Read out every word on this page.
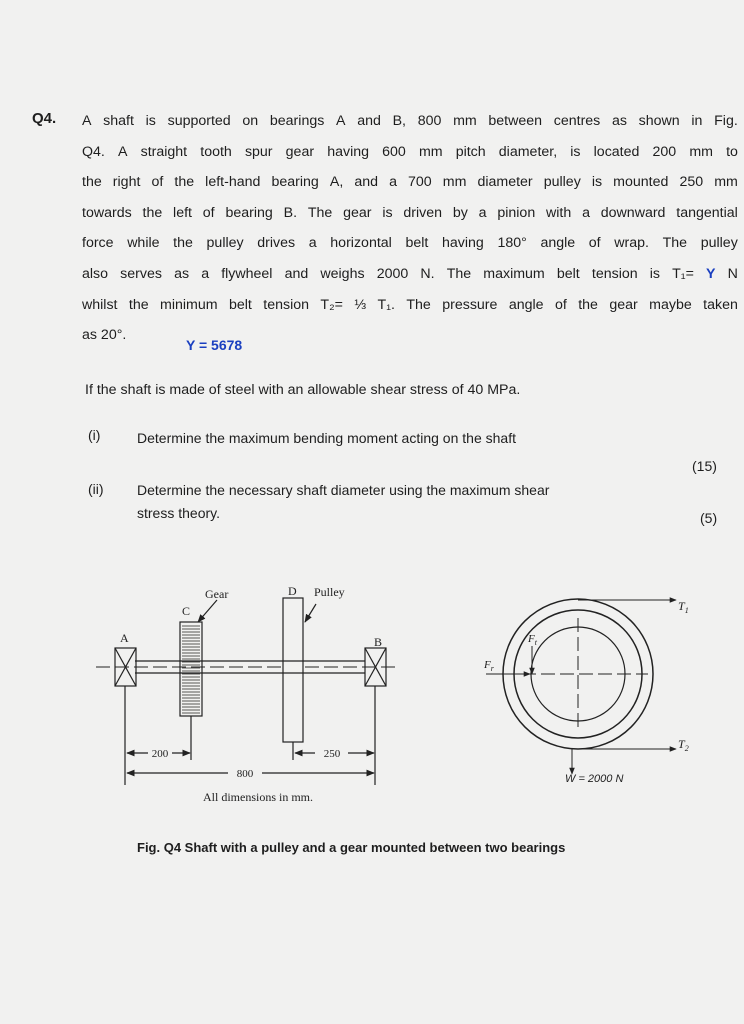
Q4. A shaft is supported on bearings A and B, 800 mm between centres as shown in Fig.
Q4. A straight tooth spur gear having 600 mm pitch diameter, is located 200 mm to
the right of the left-hand bearing A, and a 700 mm diameter pulley is mounted 250 mm
towards the left of bearing B. The gear is driven by a pinion with a downward tangential
force while the pulley drives a horizontal belt having 180° angle of wrap. The pulley
also serves as a flywheel and weighs 2000 N. The maximum belt tension is T₁= Y N
whilst the minimum belt tension T₂= ⅓ T₁. The pressure angle of the gear maybe taken
as 20°.
Y = 5678
If the shaft is made of steel with an allowable shear stress of 40 MPa.
(i)	Determine the maximum bending moment acting on the shaft
(15)
(ii) Determine the necessary shaft diameter using the maximum shear
stress theory.	(5)
Gear
C
D Pulley
A	B
200	250
800
All dimensions in mm.
$F_t$
$F_r$
$T_1$
$T_2$
W = 2000 N
Fig. Q4 Shaft with a pulley and a gear mounted between two bearings
